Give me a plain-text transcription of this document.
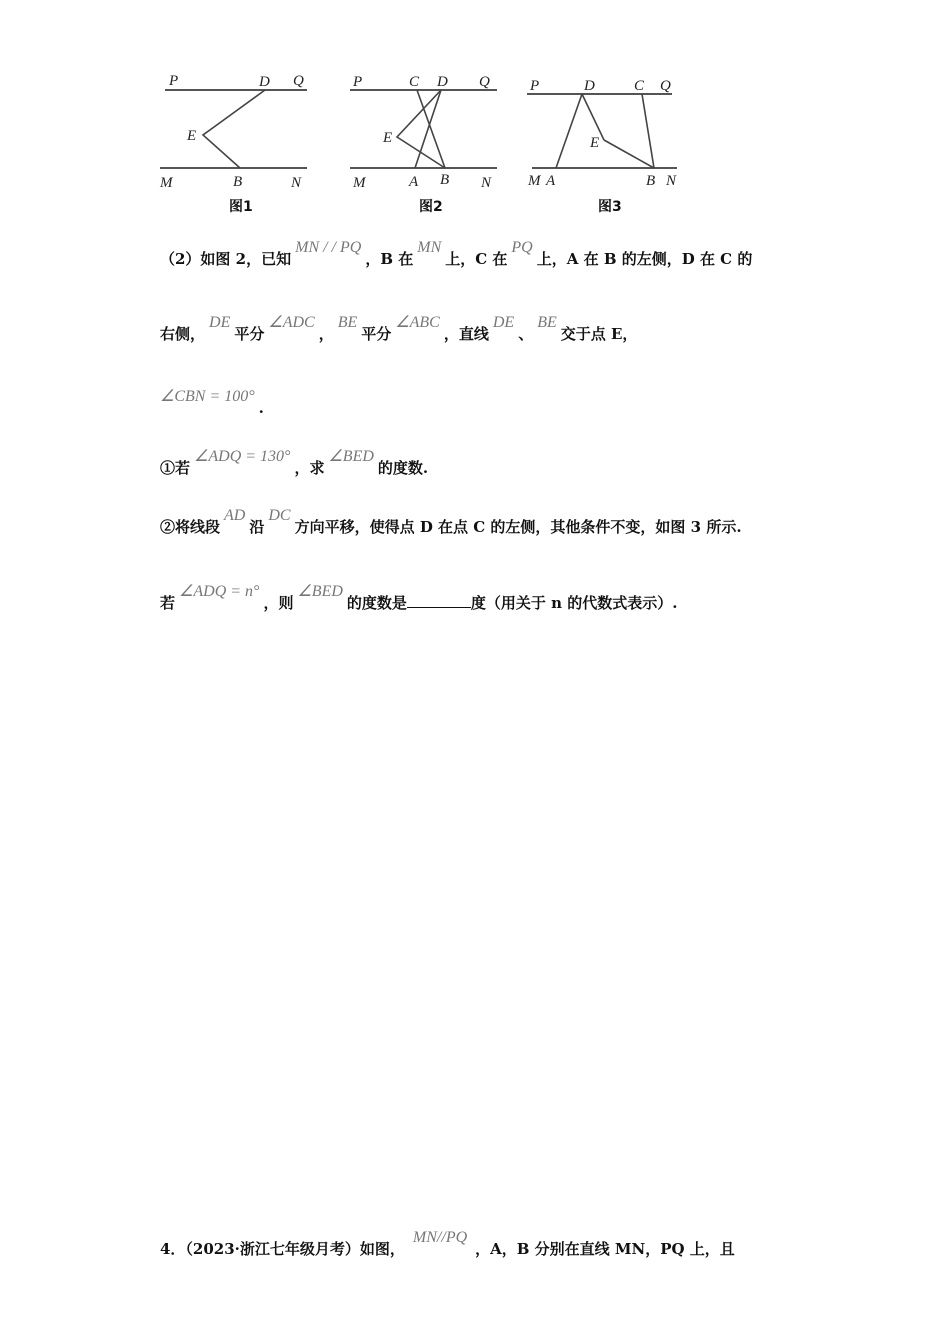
P	D Q
E
M	B	N
图1
P	C D Q
E
M	A B N
图2
P	D	C Q
E
M A	B N
图3
（2）如图 2，已知MN / / PQ，B 在MN上，C 在PQ上，A 在 B 的左侧，D 在 C 的
右侧，DE平分∠ADC，BE平分∠ABC，直线DE、BE交于点 E，
∠CBN = 100°.
①若∠ADQ = 130°，求∠BED的度数.
②将线段AD沿DC方向平移，使得点 D 在点 C 的左侧，其他条件不变，如图 3 所示.
若∠ADQ = n°，则∠BED的度数是	度（用关于 n 的代数式表示）.
4．（2023·浙江七年级月考）如图，MN//PQ，A，B 分别在直线 MN，PQ 上，且
